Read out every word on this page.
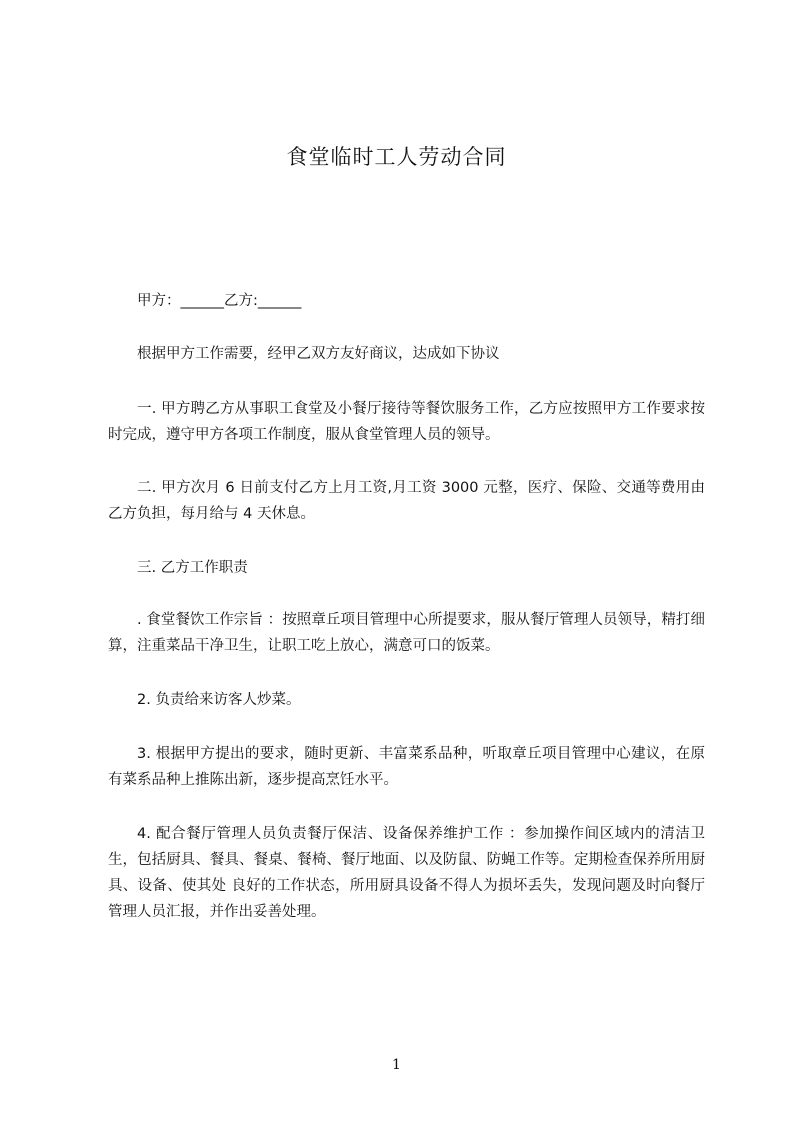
食堂临时工人劳动合同

甲方：______乙方:______

根据甲方工作需要，经甲乙双方友好商议，达成如下协议

一. 甲方聘乙方从事职工食堂及小餐厅接待等餐饮服务工作，乙方应按照甲方工作要求按时完成，遵守甲方各项工作制度，服从食堂管理人员的领导。

二. 甲方次月 6 日前支付乙方上月工资,月工资 3000 元整，医疗、保险、交通等费用由乙方负担，每月给与 4 天休息。

三. 乙方工作职责

. 食堂餐饮工作宗旨 ：按照章丘项目管理中心所提要求，服从餐厅管理人员领导，精打细算，注重菜品干净卫生，让职工吃上放心，满意可口的饭菜。

2. 负责给来访客人炒菜。

3. 根据甲方提出的要求，随时更新、丰富菜系品种，听取章丘项目管理中心建议，在原有菜系品种上推陈出新，逐步提高烹饪水平。

4. 配合餐厅管理人员负责餐厅保洁、设备保养维护工作 ：参加操作间区域内的清洁卫生，包括厨具、餐具、餐桌、餐椅、餐厅地面、以及防鼠、防蝇工作等。定期检查保养所用厨具、设备、使其处 良好的工作状态，所用厨具设备不得人为损坏丢失，发现问题及时向餐厅管理人员汇报，并作出妥善处理。

1
